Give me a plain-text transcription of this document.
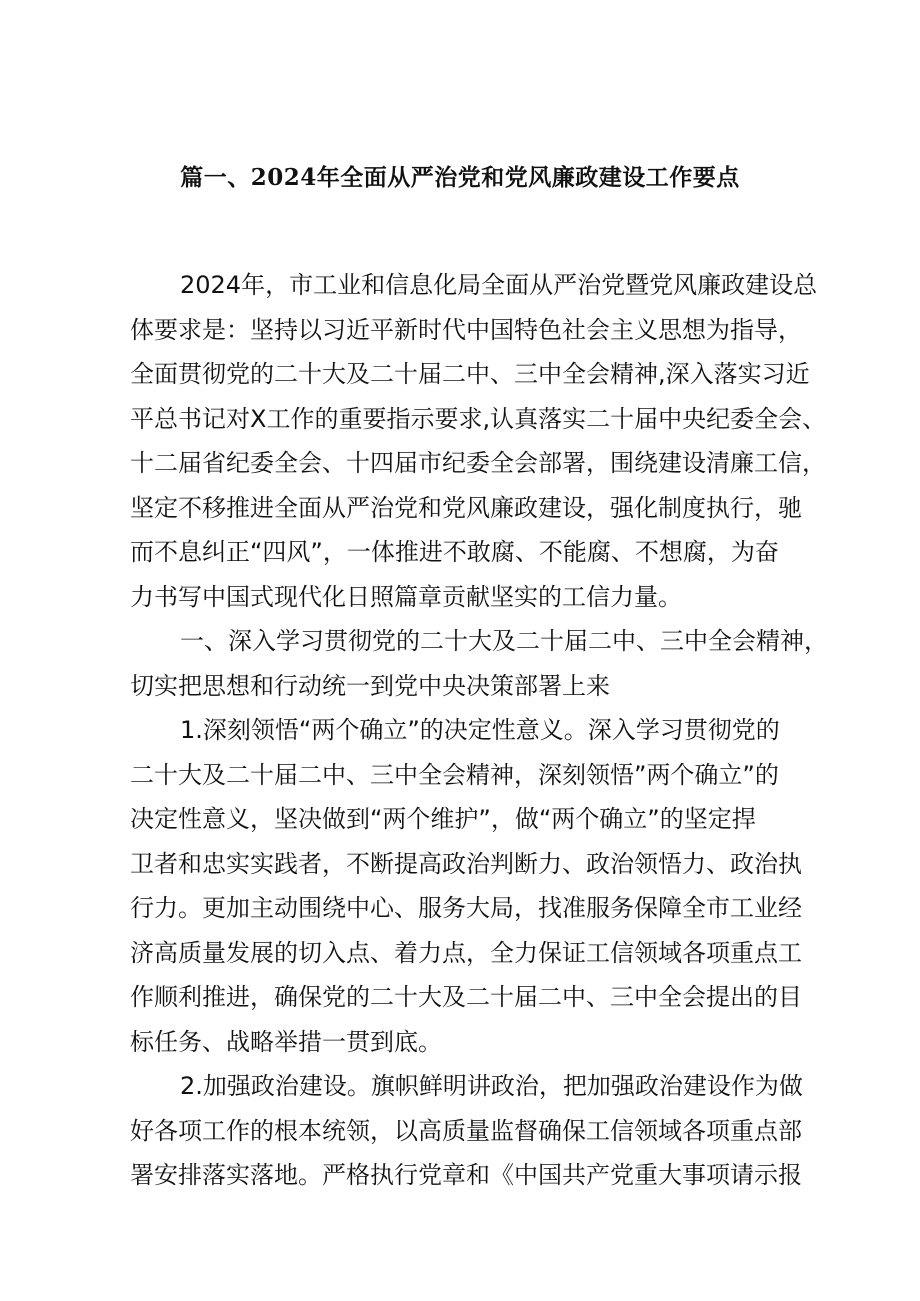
篇一、2024年全面从严治党和党风廉政建设工作要点
2024年，市工业和信息化局全面从严治党暨党风廉政建设总
体要求是：坚持以习近平新时代中国特色社会主义思想为指导，
全面贯彻党的二十大及二十届二中、三中全会精神,深入落实习近
平总书记对X工作的重要指示要求,认真落实二十届中央纪委全会、
十二届省纪委全会、十四届市纪委全会部署，围绕建设清廉工信，
坚定不移推进全面从严治党和党风廉政建设，强化制度执行，驰
而不息纠正“四风”，一体推进不敢腐、不能腐、不想腐，为奋
力书写中国式现代化日照篇章贡献坚实的工信力量。
一、深入学习贯彻党的二十大及二十届二中、三中全会精神，
切实把思想和行动统一到党中央决策部署上来
1.深刻领悟“两个确立”的决定性意义。深入学习贯彻党的
二十大及二十届二中、三中全会精神，深刻领悟”两个确立”的
决定性意义，坚决做到“两个维护”，做“两个确立”的坚定捍
卫者和忠实实践者，不断提高政治判断力、政治领悟力、政治执
行力。更加主动围绕中心、服务大局，找准服务保障全市工业经
济高质量发展的切入点、着力点，全力保证工信领域各项重点工
作顺利推进，确保党的二十大及二十届二中、三中全会提出的目
标任务、战略举措一贯到底。
2.加强政治建设。旗帜鲜明讲政治，把加强政治建设作为做
好各项工作的根本统领，以高质量监督确保工信领域各项重点部
署安排落实落地。严格执行党章和《中国共产党重大事项请示报
